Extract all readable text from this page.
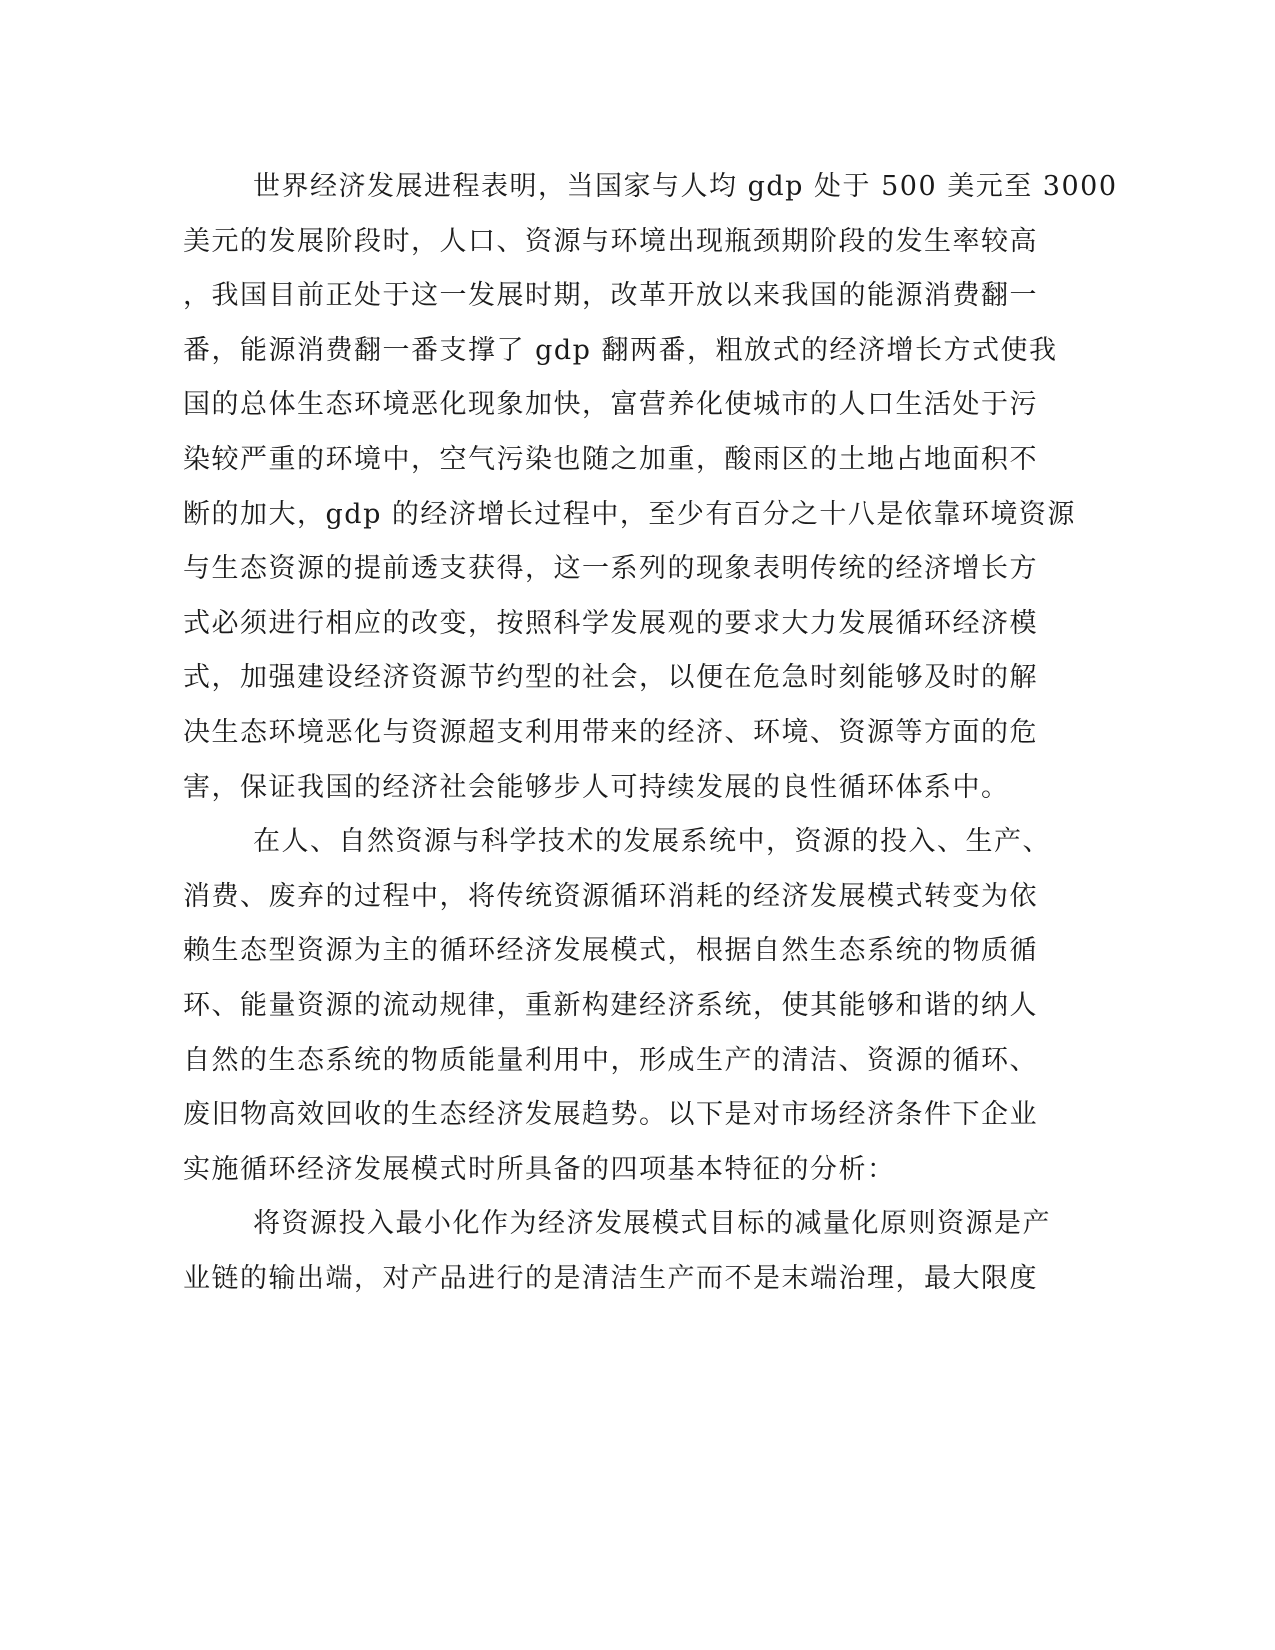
世界经济发展进程表明，当国家与人均 gdp 处于 500 美元至 3000
美元的发展阶段时，人口、资源与环境出现瓶颈期阶段的发生率较高
，我国目前正处于这一发展时期，改革开放以来我国的能源消费翻一
番，能源消费翻一番支撑了 gdp 翻两番，粗放式的经济增长方式使我
国的总体生态环境恶化现象加快，富营养化使城市的人口生活处于污
染较严重的环境中，空气污染也随之加重，酸雨区的土地占地面积不
断的加大，gdp 的经济增长过程中，至少有百分之十八是依靠环境资源
与生态资源的提前透支获得，这一系列的现象表明传统的经济增长方
式必须进行相应的改变，按照科学发展观的要求大力发展循环经济模
式，加强建设经济资源节约型的社会，以便在危急时刻能够及时的解
决生态环境恶化与资源超支利用带来的经济、环境、资源等方面的危
害，保证我国的经济社会能够步人可持续发展的良性循环体系中。
在人、自然资源与科学技术的发展系统中，资源的投入、生产、
消费、废弃的过程中，将传统资源循环消耗的经济发展模式转变为依
赖生态型资源为主的循环经济发展模式，根据自然生态系统的物质循
环、能量资源的流动规律，重新构建经济系统，使其能够和谐的纳人
自然的生态系统的物质能量利用中，形成生产的清洁、资源的循环、
废旧物高效回收的生态经济发展趋势。以下是对市场经济条件下企业
实施循环经济发展模式时所具备的四项基本特征的分析：
将资源投入最小化作为经济发展模式目标的减量化原则资源是产
业链的输出端，对产品进行的是清洁生产而不是末端治理，最大限度
